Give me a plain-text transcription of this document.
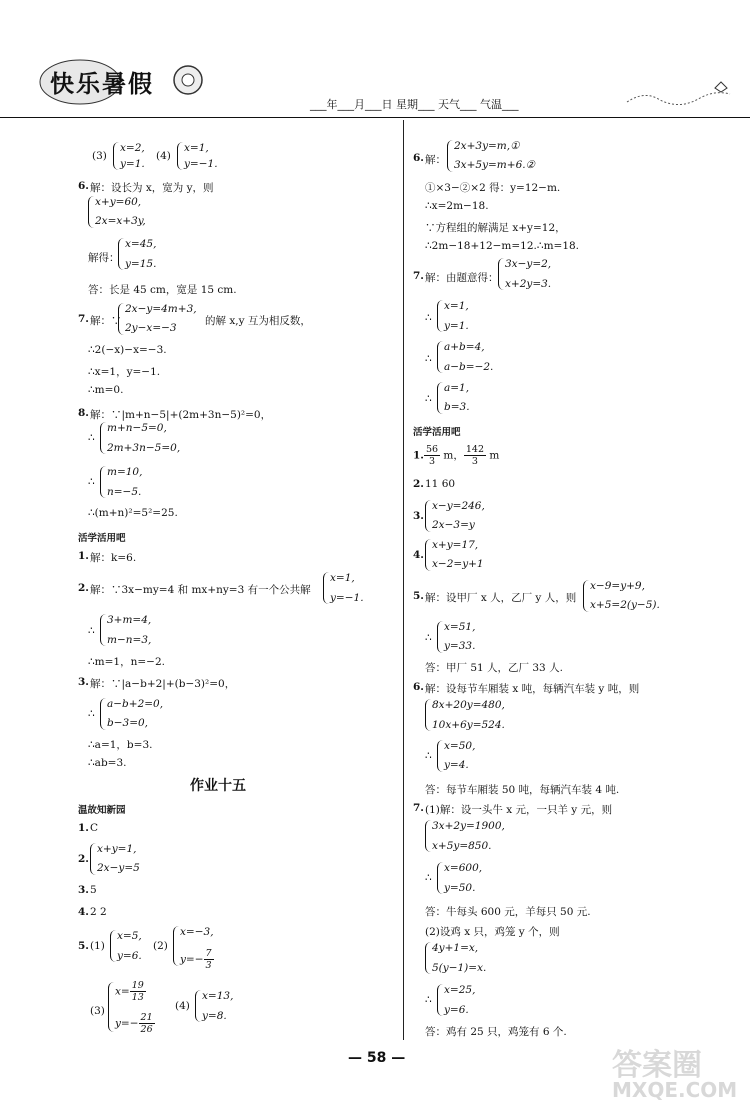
快乐暑假
___年___月___日 星期___ 天气___ 气温___
(3)
x=2,
y=1.
(4)
x=1,
y=−1.
6. 解：设长为 x，宽为 y，则
x+y=60,
2x=x+3y,
解得：
x=45,
y=15.
答：长是 45 cm，宽是 15 cm.
7. 解：∵
2x−y=4m+3,
2y−x=−3
的解 x,y 互为相反数，
∴2(−x)−x=−3.
∴x=1，y=−1.
∴m=0.
8. 解：∵|m+n−5|+(2m+3n−5)²=0，
∴
m+n−5=0,
2m+3n−5=0,
∴
m=10,
n=−5.
∴(m+n)²=5²=25.
活学活用吧
1. 解：k=6.
2. 解：∵3x−my=4 和 mx+ny=3 有一个公共解
x=1,
y=−1.
∴
3+m=4,
m−n=3,
∴m=1，n=−2.
3. 解：∵|a−b+2|+(b−3)²=0，
∴
a−b+2=0,
b−3=0,
∴a=1，b=3.
∴ab=3.
作业十五
温故知新园
1. C
2.
x+y=1,
2x−y=5
3. 5
4. 2 2
5. (1)
x=5,
y=6.
(2)
x=−3,
$y=- \frac{7}{3}$
(3)
$x= \frac{19}{13}$
$y=- \frac{21}{26}$
(4)
x=13,
y=8.
6. 解：
2x+3y=m,①
3x+5y=m+6.②
①×3−②×2 得：y=12−m.
∴x=2m−18.
∵方程组的解满足 x+y=12，
∴2m−18+12−m=12.∴m=18.
7. 解：由题意得：
3x−y=2,
x+2y=3.
∴
x=1,
y=1.
∴
a+b=4,
a−b=−2.
∴
a=1,
b=3.
活学活用吧
1. $\frac{56}{3}$ m， $\frac{142}{3}$ m
2. 11 60
3.
x−y=246,
2x−3=y
4.
x+y=17,
x−2=y+1
5. 解：设甲厂 x 人，乙厂 y 人，则
x−9=y+9,
x+5=2(y−5).
∴
x=51,
y=33.
答：甲厂 51 人，乙厂 33 人.
6. 解：设每节车厢装 x 吨，每辆汽车装 y 吨，则
8x+20y=480,
10x+6y=524.
∴
x=50,
y=4.
答：每节车厢装 50 吨，每辆汽车装 4 吨.
7. (1)解：设一头牛 x 元，一只羊 y 元，则
3x+2y=1900,
x+5y=850.
∴
x=600,
y=50.
答：牛每头 600 元，羊每只 50 元.
(2)设鸡 x 只，鸡笼 y 个，则
4y+1=x,
5(y−1)=x.
∴
x=25,
y=6.
答：鸡有 25 只，鸡笼有 6 个.
— 58 —	答案圈
MXQE.COM
